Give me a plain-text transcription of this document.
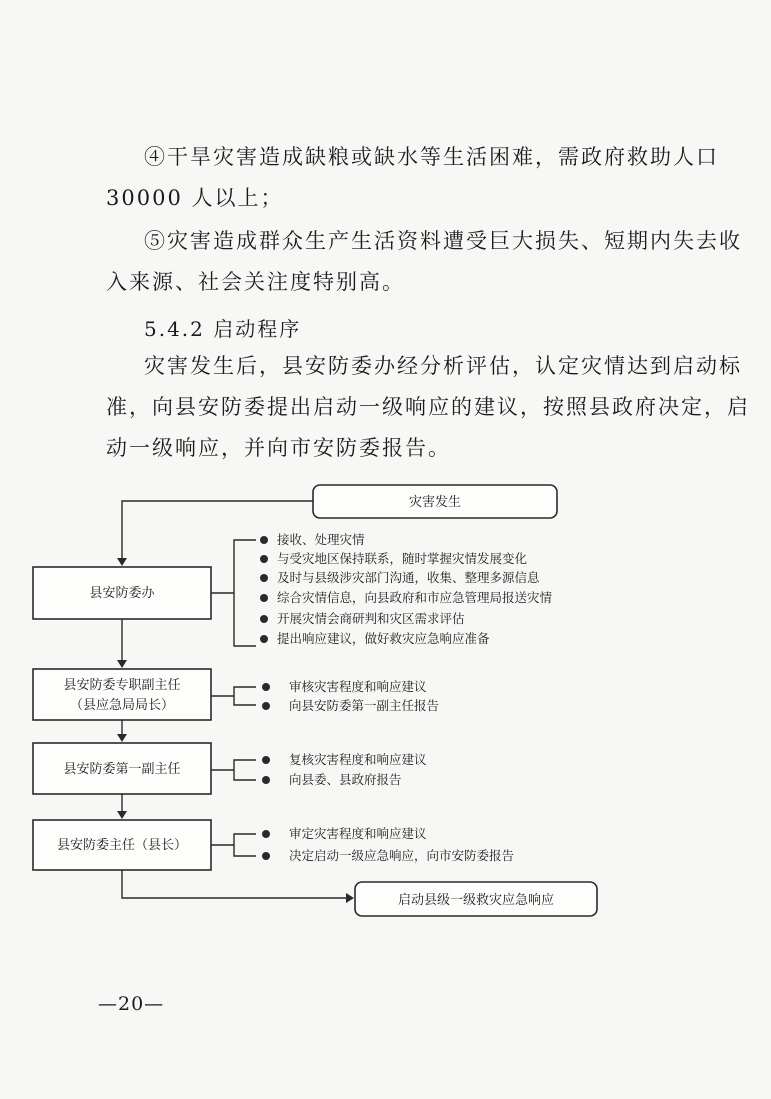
④干旱灾害造成缺粮或缺水等生活困难，需政府救助人口
30000 人以上；

⑤灾害造成群众生产生活资料遭受巨大损失、短期内失去收
入来源、社会关注度特别高。

5.4.2 启动程序

灾害发生后，县安防委办经分析评估，认定灾情达到启动标
准，向县安防委提出启动一级响应的建议，按照县政府决定，启
动一级响应，并向市安防委报告。

灾害发生
县安防委办
县安防委专职副主任
（县应急局局长）
县安防委第一副主任
县安防委主任（县长）
启动县级一级救灾应急响应
接收、处理灾情
与受灾地区保持联系，随时掌握灾情发展变化
及时与县级涉灾部门沟通，收集、整理多源信息
综合灾情信息，向县政府和市应急管理局报送灾情
开展灾情会商研判和灾区需求评估
提出响应建议，做好救灾应急响应准备
审核灾害程度和响应建议
向县安防委第一副主任报告
复核灾害程度和响应建议
向县委、县政府报告
审定灾害程度和响应建议
决定启动一级应急响应，向市安防委报告
—20—
